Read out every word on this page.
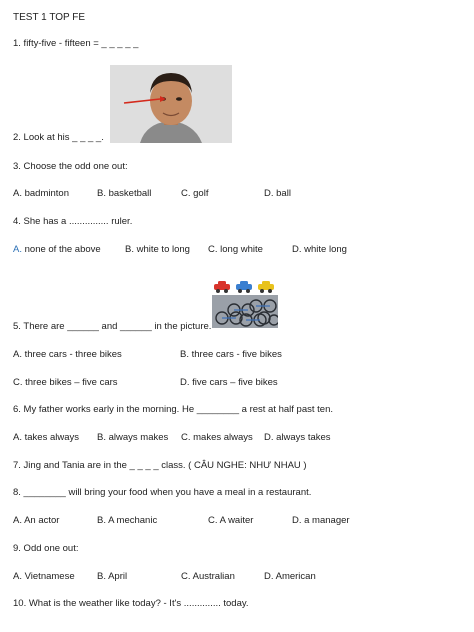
TEST 1 TOP FE
1. fifty-five - fifteen = _ _ _ _ _
2. Look at his _ _ _ _.
3. Choose the odd one out:
A. badminton	B. basketball	C. golf	D. ball
4. She has a ............... ruler.
A. none of the above	B. white to long C. long white	D. white long
5. There are ______ and ______ in the picture.
A. three cars - three bikes	B. three cars - five bikes
C. three bikes – five cars	D. five cars – five bikes
6. My father works early in the morning. He ________ a rest at half past ten.
A. takes always B. always makes C. makes always D. always takes
7. Jing and Tania are in the _ _ _ _ class. ( CÂU NGHE: NHƯ NHAU )
8. ________ will bring your food when you have a meal in a restaurant.
A. An actor	B. A mechanic	C. A waiter	D. a manager
9. Odd one out:
A. Vietnamese B. April	C. Australian	D. American
10. What is the weather like today? - It's .............. today.
